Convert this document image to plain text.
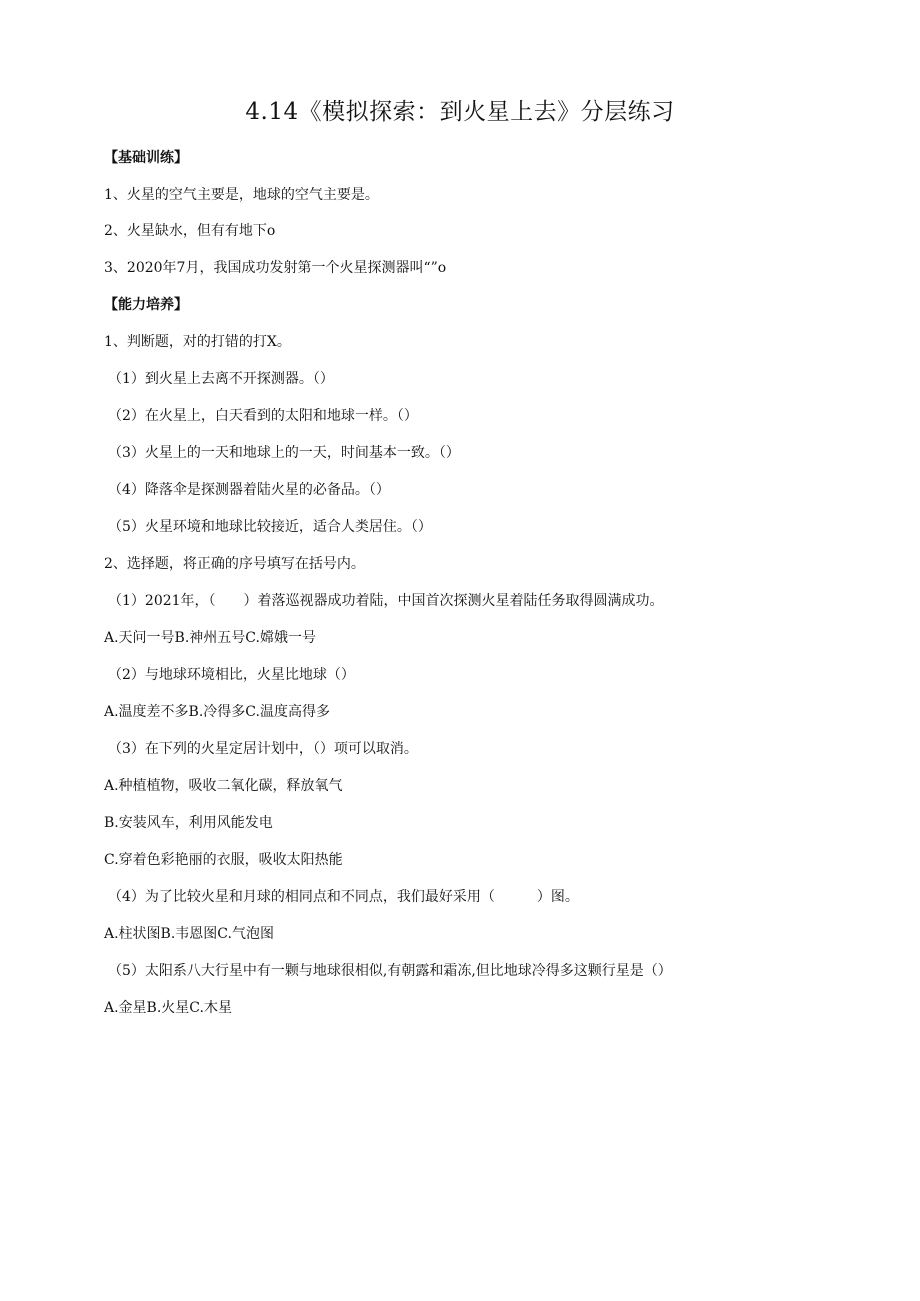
4.14《模拟探索：到火星上去》分层练习
【基础训练】
1、火星的空气主要是，地球的空气主要是。
2、火星缺水，但有有地下o
3、2020年7月，我国成功发射第一个火星探测器叫“”o
【能力培养】
1、判断题，对的打错的打X。
（1）到火星上去离不开探测器。（）
（2）在火星上，白天看到的太阳和地球一样。（）
（3）火星上的一天和地球上的一天，时间基本一致。（）
（4）降落伞是探测器着陆火星的必备品。（）
（5）火星环境和地球比较接近，适合人类居住。（）
2、选择题，将正确的序号填写在括号内。
（1）2021年，（　　）着落巡视器成功着陆，中国首次探测火星着陆任务取得圆满成功。
A.天问一号B.神州五号C.嫦娥一号
（2）与地球环境相比，火星比地球（）
A.温度差不多B.冷得多C.温度高得多
（3）在下列的火星定居计划中，（）项可以取消。
A.种植植物，吸收二氧化碳，释放氧气
B.安装风车，利用风能发电
C.穿着色彩艳丽的衣服，吸收太阳热能
（4）为了比较火星和月球的相同点和不同点，我们最好采用（　　　）图。
A.柱状图B.韦恩图C.气泡图
（5）太阳系八大行星中有一颗与地球很相似,有朝露和霜冻,但比地球冷得多这颗行星是（）
A.金星B.火星C.木星
